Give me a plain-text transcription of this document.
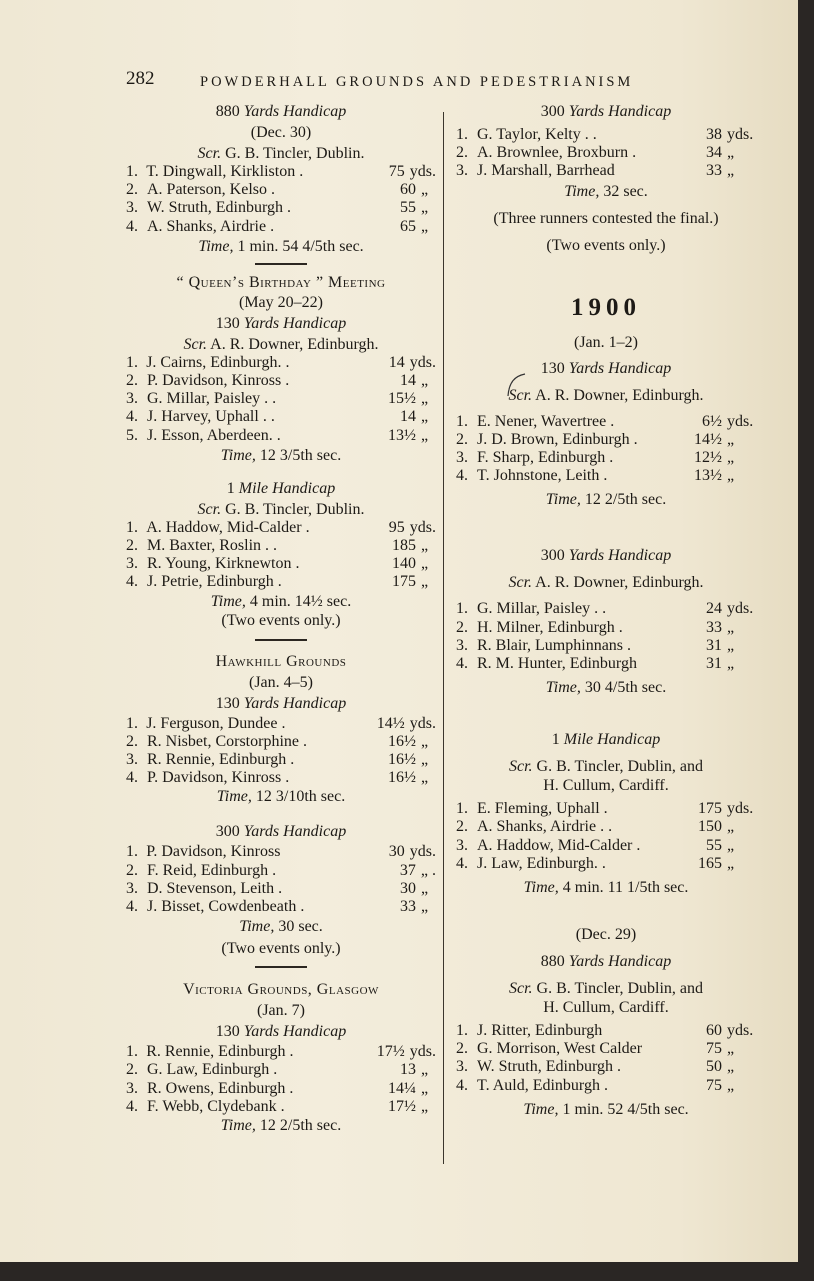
282	POWDERHALL GROUNDS AND PEDESTRIANISM
880 Yards Handicap
(Dec. 30)
Scr. G. B. Tincler, Dublin.
1. T. Dingwall, Kirkliston .	75 yds.
2. A. Paterson, Kelso .	60 „
3. W. Struth, Edinburgh .	55 „
4. A. Shanks, Airdrie .	65 „
Time, 1 min. 54 4/5th sec.
“ Queen’s Birthday ” Meeting
(May 20–22)
130 Yards Handicap
Scr. A. R. Downer, Edinburgh.
1. J. Cairns, Edinburgh. .	14 yds.
2. P. Davidson, Kinross .	14 „
3. G. Millar, Paisley . .	15½ „
4. J. Harvey, Uphall . .	14 „
5. J. Esson, Aberdeen. .	13½ „
Time, 12 3/5th sec.
1 Mile Handicap
Scr. G. B. Tincler, Dublin.
1. A. Haddow, Mid-Calder .	95 yds.
2. M. Baxter, Roslin . .	185 „
3. R. Young, Kirknewton .	140 „
4. J. Petrie, Edinburgh .	175 „
Time, 4 min. 14½ sec.
(Two events only.)
Hawkhill Grounds
(Jan. 4–5)
130 Yards Handicap
1. J. Ferguson, Dundee .	14½ yds.
2. R. Nisbet, Corstorphine .	16½ „
3. R. Rennie, Edinburgh .	16½ „
4. P. Davidson, Kinross .	16½ „
Time, 12 3/10th sec.
300 Yards Handicap
1. P. Davidson, Kinross	30 yds.
2. F. Reid, Edinburgh .	37 „ .
3. D. Stevenson, Leith .	30 „
4. J. Bisset, Cowdenbeath .	33 „
Time, 30 sec.
(Two events only.)
Victoria Grounds, Glasgow
(Jan. 7)
130 Yards Handicap
1. R. Rennie, Edinburgh .	17½ yds.
2. G. Law, Edinburgh .	13 „
3. R. Owens, Edinburgh .	14¼ „
4. F. Webb, Clydebank .	17½ „
Time, 12 2/5th sec.
300 Yards Handicap
1. G. Taylor, Kelty . .	38 yds.
2. A. Brownlee, Broxburn .	34 „
3. J. Marshall, Barrhead	33 „
Time, 32 sec.
(Three runners contested the final.)
(Two events only.)
1900
(Jan. 1–2)
130 Yards Handicap
Scr. A. R. Downer, Edinburgh.
1. E. Nener, Wavertree .	6½ yds.
2. J. D. Brown, Edinburgh .	14½ „
3. F. Sharp, Edinburgh .	12½ „
4. T. Johnstone, Leith .	13½ „
Time, 12 2/5th sec.
300 Yards Handicap
Scr. A. R. Downer, Edinburgh.
1. G. Millar, Paisley . .	24 yds.
2. H. Milner, Edinburgh .	33 „
3. R. Blair, Lumphinnans .	31 „
4. R. M. Hunter, Edinburgh	31 „
Time, 30 4/5th sec.
1 Mile Handicap
Scr. G. B. Tincler, Dublin, and
H. Cullum, Cardiff.
1. E. Fleming, Uphall .	175 yds.
2. A. Shanks, Airdrie . .	150 „
3. A. Haddow, Mid-Calder .	55 „
4. J. Law, Edinburgh. .	165 „
Time, 4 min. 11 1/5th sec.
(Dec. 29)
880 Yards Handicap
Scr. G. B. Tincler, Dublin, and
H. Cullum, Cardiff.
1. J. Ritter, Edinburgh	60 yds.
2. G. Morrison, West Calder	75 „
3. W. Struth, Edinburgh .	50 „
4. T. Auld, Edinburgh .	75 „
Time, 1 min. 52 4/5th sec.
